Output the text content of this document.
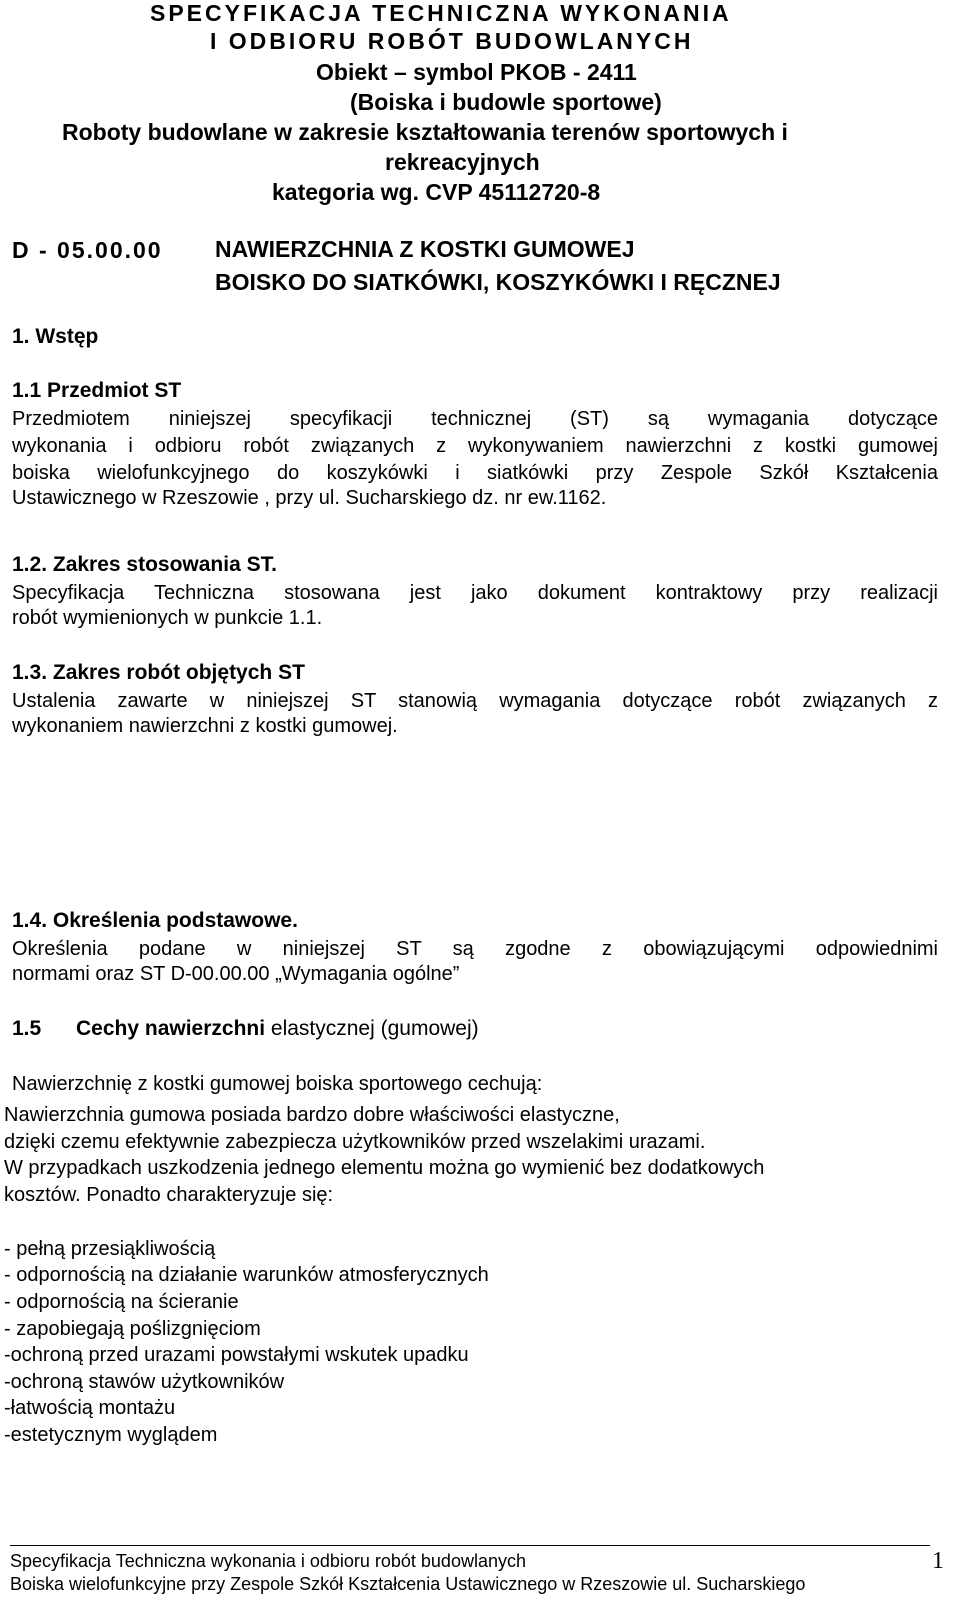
SPECYFIKACJA TECHNICZNA WYKONANIA
I ODBIORU ROBÓT BUDOWLANYCH
Obiekt – symbol PKOB - 2411
(Boiska i budowle sportowe)
Roboty budowlane w zakresie kształtowania terenów sportowych i
rekreacyjnych
kategoria wg. CVP 45112720-8
D - 05.00.00 NAWIERZCHNIA Z KOSTKI GUMOWEJ
BOISKO DO SIATKÓWKI, KOSZYKÓWKI I RĘCZNEJ
1. Wstęp
1.1 Przedmiot ST
Przedmiotem niniejszej specyfikacji technicznej (ST) są wymagania dotyczące
wykonania i odbioru robót związanych z wykonywaniem nawierzchni z kostki gumowej
boiska wielofunkcyjnego do koszykówki i siatkówki przy Zespole Szkół Kształcenia
Ustawicznego w Rzeszowie , przy ul. Sucharskiego dz. nr ew.1162.
1.2. Zakres stosowania ST.
Specyfikacja Techniczna stosowana jest jako dokument kontraktowy przy realizacji
robót wymienionych w punkcie 1.1.
1.3. Zakres robót objętych ST
Ustalenia zawarte w niniejszej ST stanowią wymagania dotyczące robót związanych z
wykonaniem nawierzchni z kostki gumowej.
1.4. Określenia podstawowe.
Określenia podane w niniejszej ST są zgodne z obowiązującymi odpowiednimi
normami oraz ST D-00.00.00 „Wymagania ogólne”
1.5 Cechy nawierzchni elastycznej (gumowej)
Nawierzchnię z kostki gumowej boiska sportowego cechują:
Nawierzchnia gumowa posiada bardzo dobre właściwości elastyczne,
dzięki czemu efektywnie zabezpiecza użytkowników przed wszelakimi urazami.
W przypadkach uszkodzenia jednego elementu można go wymienić bez dodatkowych
kosztów. Ponadto charakteryzuje się:
- pełną przesiąkliwością
- odpornością na działanie warunków atmosferycznych
- odpornością na ścieranie
- zapobiegają poślizgnięciom
-ochroną przed urazami powstałymi wskutek upadku
-ochroną stawów użytkowników
-łatwością montażu
-estetycznym wyglądem
Specyfikacja Techniczna wykonania i odbioru robót budowlanych
Boiska wielofunkcyjne przy Zespole Szkół Kształcenia Ustawicznego w Rzeszowie ul. Sucharskiego
1
